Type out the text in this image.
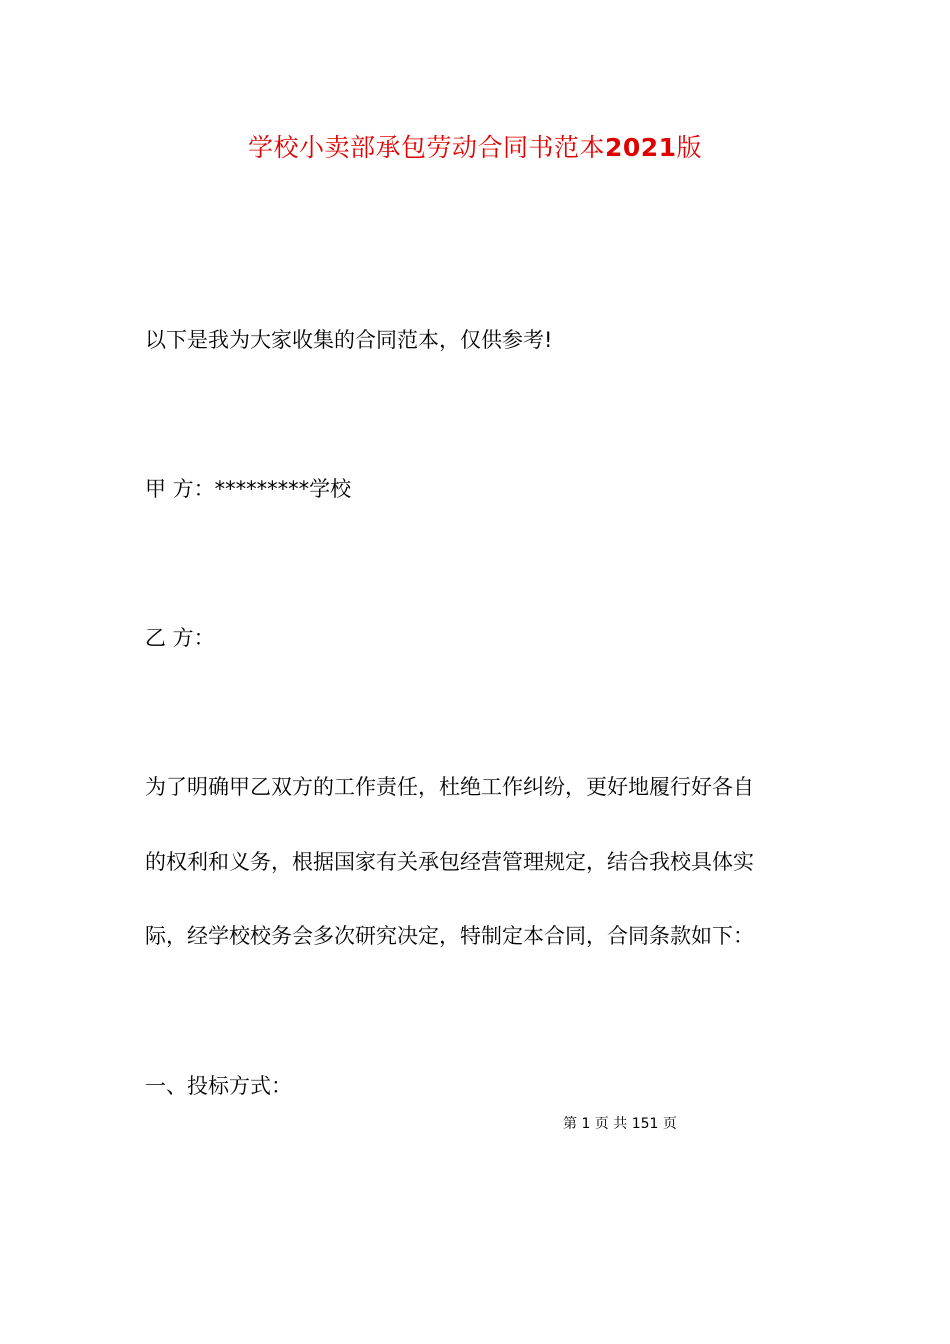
学校小卖部承包劳动合同书范本2021版
以下是我为大家收集的合同范本，仅供参考!
甲 方：*********学校
乙 方：
为了明确甲乙双方的工作责任，杜绝工作纠纷，更好地履行好各自
的权利和义务，根据国家有关承包经营管理规定，结合我校具体实
际，经学校校务会多次研究决定，特制定本合同，合同条款如下：
一、投标方式：
第 1 页 共 151 页
